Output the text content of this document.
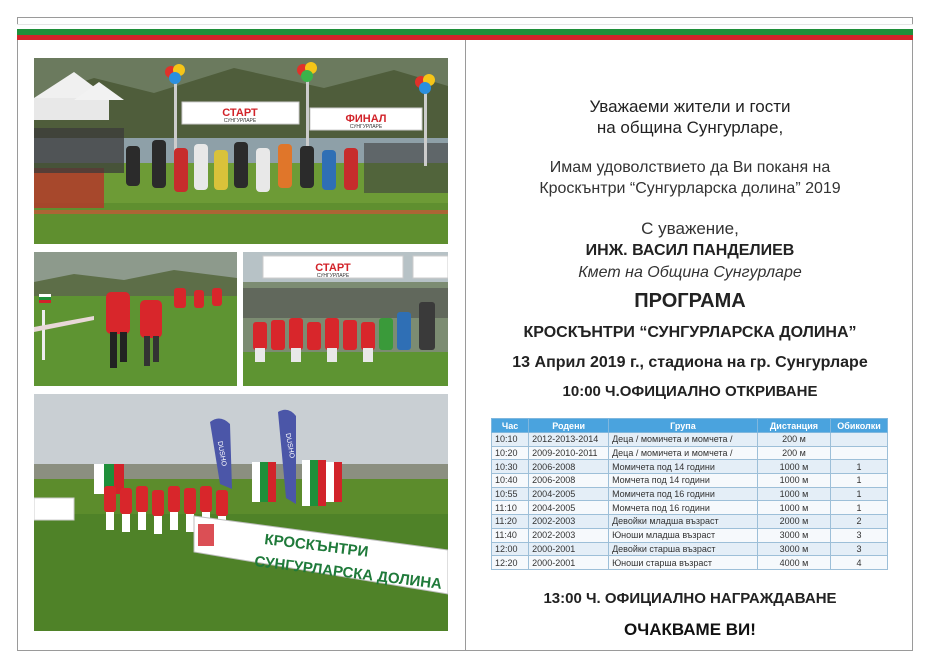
СТАРТ
СУНГУРЛАРЕ	ФИНАЛ
СУНГУРЛАРЕ
СТАРТ
СУНГУРЛАРЕ
DUSHO	DUSHO
КРОСКЪНТРИ
СУНГУРЛАРСКА ДОЛИНА
Уважаеми жители и гости
на община Сунгурларе,
Имам удоволствието да Ви поканя на
Кроскънтри “Сунгурларска долина” 2019
С уважение,
ИНЖ. ВАСИЛ ПАНДЕЛИЕВ
Кмет на Община Сунгурларе
ПРОГРАМА
КРОСКЪНТРИ “СУНГУРЛАРСКА ДОЛИНА”
13 Април 2019 г., стадиона на гр. Сунгурларе
10:00 Ч.ОФИЦИАЛНО ОТКРИВАНЕ
Час	Родени	Група	Дистанция	Обиколки
10:10	2012-2013-2014	Деца / момичета и момчета /	200 м	
10:20	2009-2010-2011	Деца / момичета и момчета /	200 м	
10:30	2006-2008	Момичета под 14 години	1000 м	1
10:40	2006-2008	Момчета под 14 години	1000 м	1
10:55	2004-2005	Момичета под 16 години	1000 м	1
11:10	2004-2005	Момчета под 16 години	1000 м	1
11:20	2002-2003	Девойки младша възраст	2000 м	2
11:40	2002-2003	Юноши младша възраст	3000 м	3
12:00	2000-2001	Девойки старша възраст	3000 м	3
12:20	2000-2001	Юноши старша възраст	4000 м	4
13:00 Ч. ОФИЦИАЛНО НАГРАЖДАВАНЕ
ОЧАКВАМЕ ВИ!
